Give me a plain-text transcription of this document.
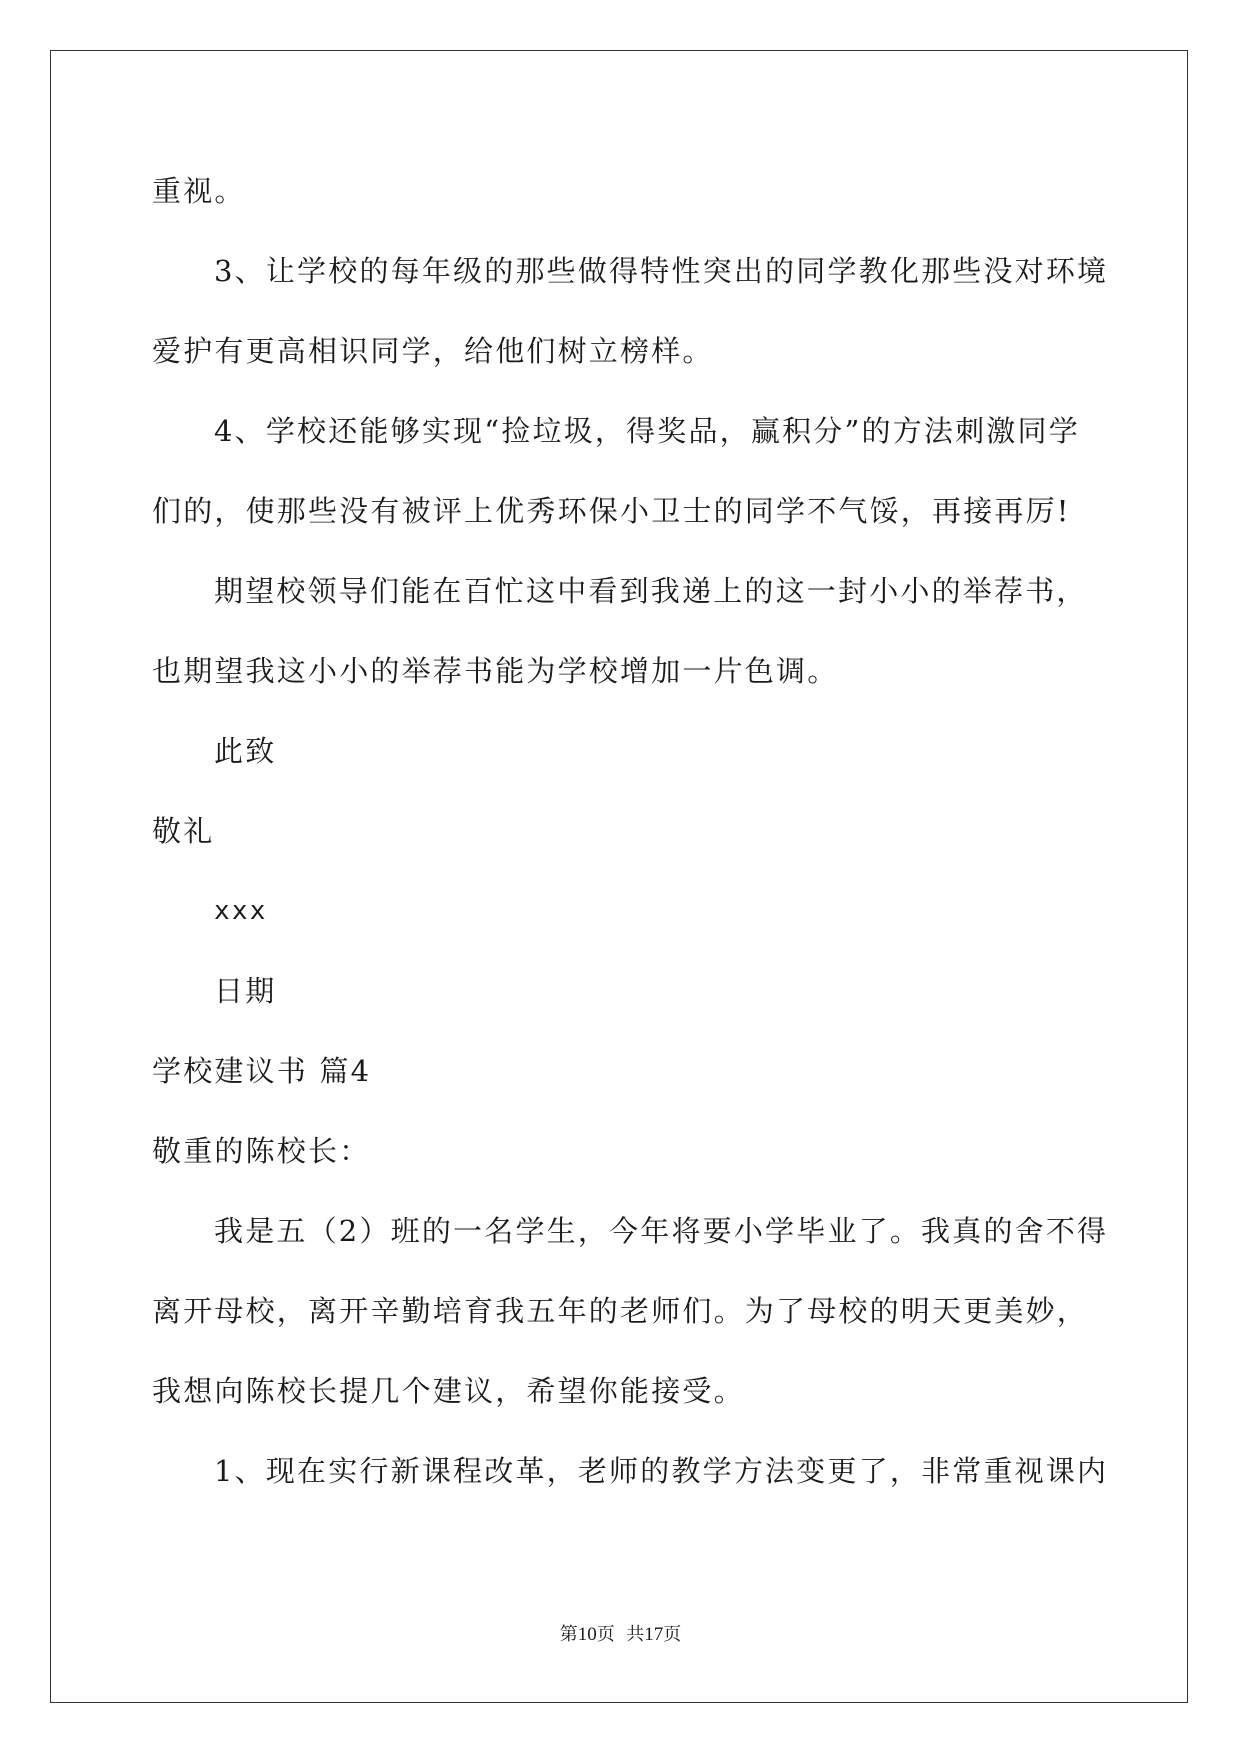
重视。
3、让学校的每年级的那些做得特性突出的同学教化那些没对环境
爱护有更高相识同学，给他们树立榜样。
4、学校还能够实现“捡垃圾，得奖品，赢积分”的方法刺激同学
们的，使那些没有被评上优秀环保小卫士的同学不气馁，再接再厉!
期望校领导们能在百忙这中看到我递上的这一封小小的举荐书，
也期望我这小小的举荐书能为学校增加一片色调。
此致
敬礼
xxx
日期
学校建议书 篇4
敬重的陈校长：
我是五（2）班的一名学生，今年将要小学毕业了。我真的舍不得
离开母校，离开辛勤培育我五年的老师们。为了母校的明天更美妙，
我想向陈校长提几个建议，希望你能接受。
1、现在实行新课程改革，老师的教学方法变更了，非常重视课内
第10页  共17页
